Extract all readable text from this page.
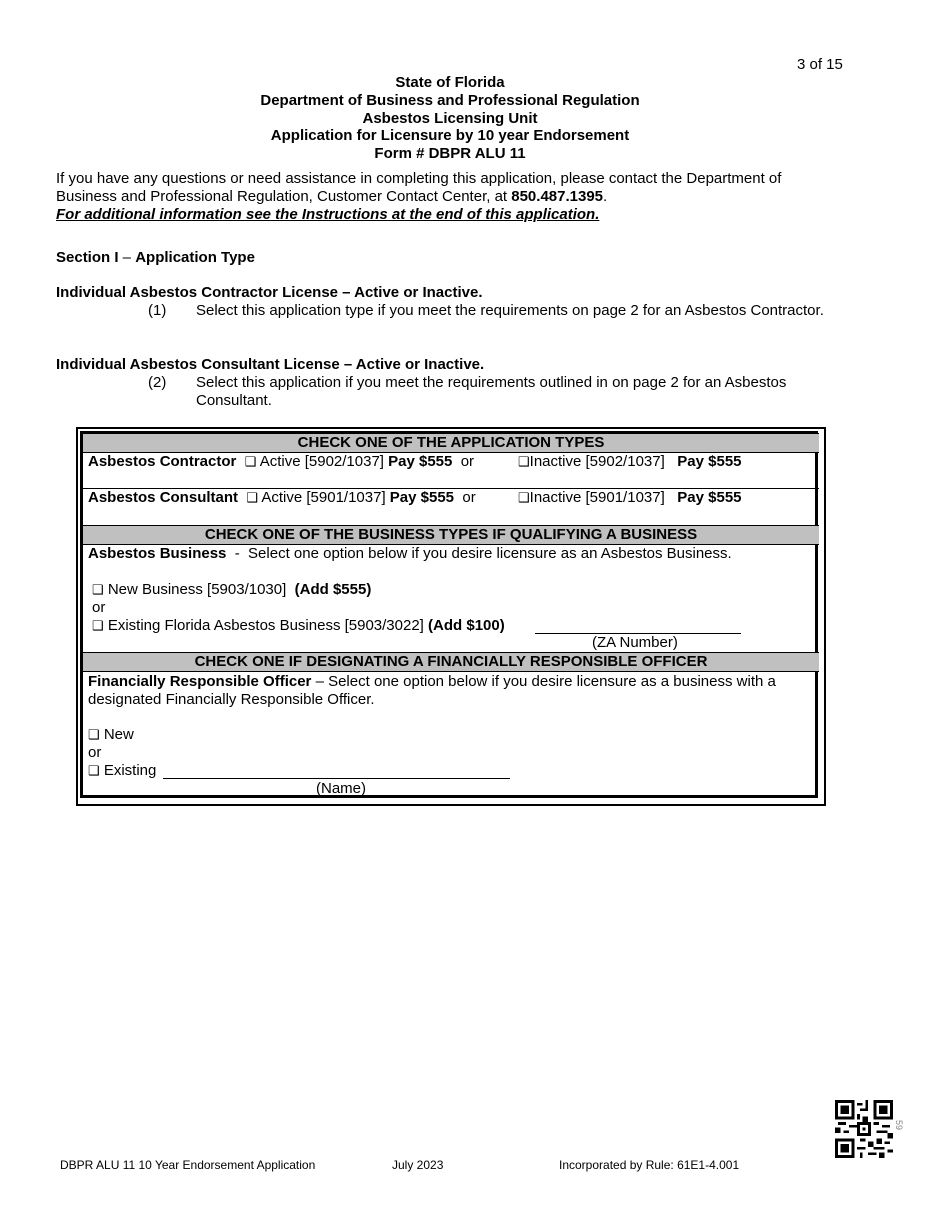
3 of 15
State of Florida
Department of Business and Professional Regulation
Asbestos Licensing Unit
Application for Licensure by 10 year Endorsement
Form # DBPR ALU 11
If you have any questions or need assistance in completing this application, please contact the Department of Business and Professional Regulation, Customer Contact Center, at 850.487.1395.
For additional information see the Instructions at the end of this application.
Section I – Application Type
Individual Asbestos Contractor License – Active or Inactive.
(1) Select this application type if you meet the requirements on page 2 for an Asbestos Contractor.
Individual Asbestos Consultant License – Active or Inactive.
(2) Select this application if you meet the requirements outlined in on page 2 for an Asbestos Consultant.
CHECK ONE OF THE APPLICATION TYPES
Asbestos Contractor ❑ Active [5902/1037] Pay $555 or	❑Inactive [5902/1037] Pay $555
Asbestos Consultant ❑ Active [5901/1037] Pay $555 or	❑Inactive [5901/1037] Pay $555
CHECK ONE OF THE BUSINESS TYPES IF QUALIFYING A BUSINESS
Asbestos Business  -  Select one option below if you desire licensure as an Asbestos Business.
❑ New Business [5903/1030] (Add $555)
or
❑ Existing Florida Asbestos Business [5903/3022] (Add $100)
(ZA Number)
CHECK ONE IF DESIGNATING A FINANCIALLY RESPONSIBLE OFFICER
Financially Responsible Officer – Select one option below if you desire licensure as a business with a designated Financially Responsible Officer.
❑ New
or
❑ Existing
(Name)
59
DBPR ALU 11 10 Year Endorsement Application	July 2023	Incorporated by Rule: 61E1-4.001
